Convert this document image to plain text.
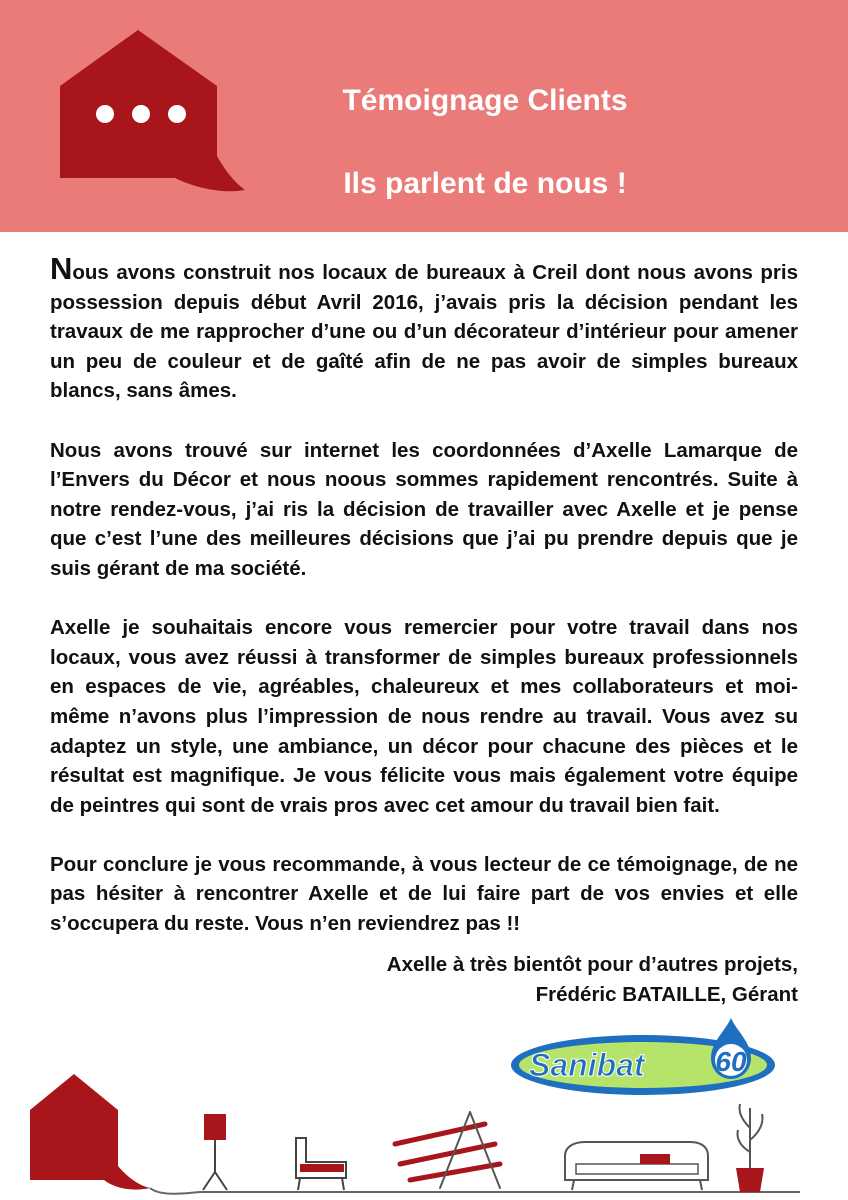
Témoignage Clients
Ils parlent de nous !

Nous avons construit nos locaux de bureaux à Creil dont nous avons pris possession depuis début Avril 2016, j’avais pris la décision pendant les travaux de me rapprocher d’une ou d’un décorateur d’intérieur pour amener un peu de couleur et de gaîté afin de ne pas avoir de simples bureaux blancs, sans âmes.

Nous avons trouvé sur internet les coordonnées d’Axelle Lamarque de l’Envers du Décor et nous noous sommes rapidement rencontrés. Suite à notre rendez-vous, j’ai ris la décision de travailler avec Axelle et je pense que c’est l’une des meilleures décisions que j’ai pu prendre depuis que je suis gérant de ma société.

Axelle je souhaitais encore vous remercier pour votre travail dans nos locaux, vous avez réussi à transformer de simples bureaux professionnels en espaces de vie, agréables, chaleureux et mes collaborateurs et moi-même n’avons plus l’impression de nous rendre au travail. Vous avez su adaptez un style, une ambiance, un décor pour chacune des pièces et le résultat est magnifique. Je vous félicite vous mais également votre équipe de peintres qui sont de vrais pros avec cet amour du travail bien fait.

Pour conclure je vous recommande, à vous lecteur de ce témoignage, de ne pas hésiter à rencontrer Axelle et de lui faire part de vos envies et elle s’occupera du reste. Vous n’en reviendrez pas !!

Axelle à très bientôt pour d’autres projets,
Frédéric BATAILLE, Gérant
Sanibat	60
